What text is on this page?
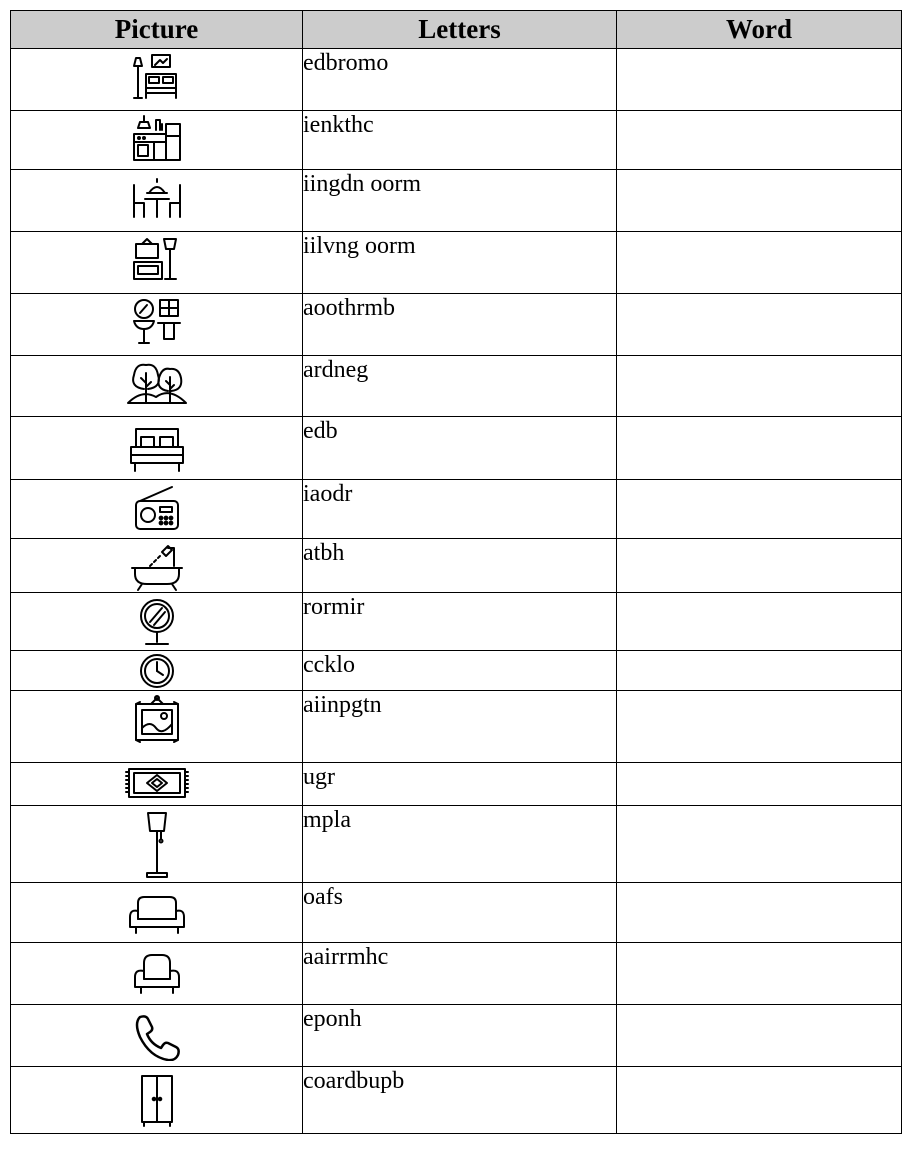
Picture	Letters	Word

	edbromo	

	ienkthc	

	iingdn oorm	

	iilvng oorm	

	aoothrmb	

	ardneg	

	edb	

	iaodr	

	atbh	

	rormir	

	ccklo	

	aiinpgtn	

	ugr	

	mpla	

	oafs	

	aairrmhc	

	eponh	

	coardbupb	
